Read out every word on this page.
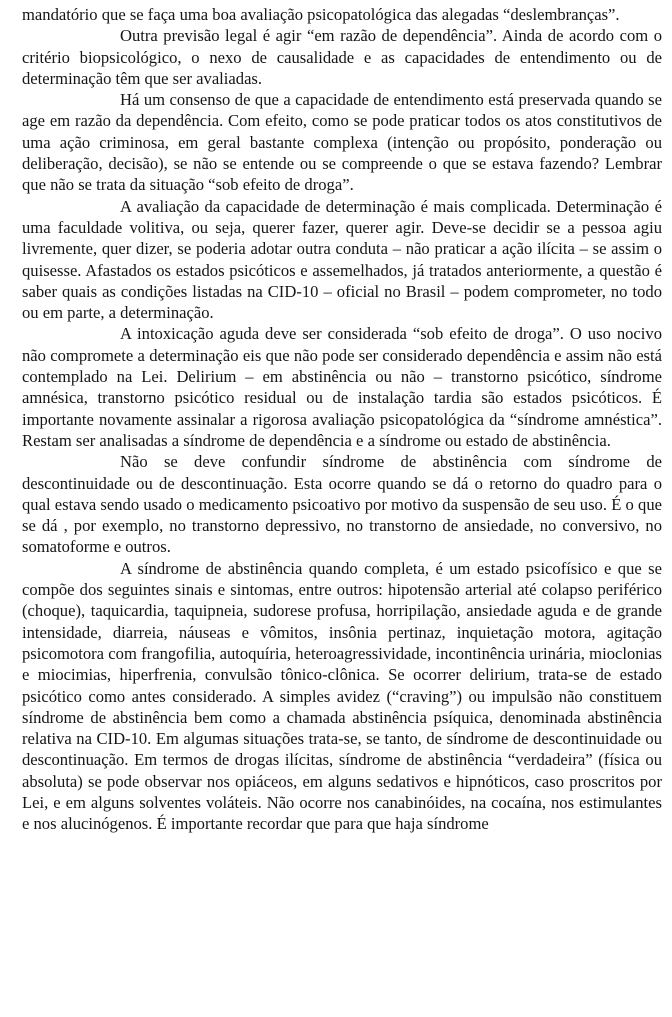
mandatório que se faça uma boa avaliação psicopatológica das alegadas “deslembranças”.

Outra previsão legal é agir “em razão de dependência”. Ainda de acordo com o critério biopsicológico, o nexo de causalidade e as capacidades de entendimento ou de determinação têm que ser avaliadas.

Há um consenso de que a capacidade de entendimento está preservada quando se age em razão da dependência. Com efeito, como se pode praticar todos os atos constitutivos de uma ação criminosa, em geral bastante complexa (intenção ou propósito, ponderação ou deliberação, decisão), se não se entende ou se compreende o que se estava fazendo? Lembrar que não se trata da situação “sob efeito de droga”.

A avaliação da capacidade de determinação é mais complicada. Determinação é uma faculdade volitiva, ou seja, querer fazer, querer agir. Deve-se decidir se a pessoa agiu livremente, quer dizer, se poderia adotar outra conduta – não praticar a ação ilícita – se assim o quisesse. Afastados os estados psicóticos e assemelhados, já tratados anteriormente, a questão é saber quais as condições listadas na CID-10 – oficial no Brasil – podem comprometer, no todo ou em parte, a determinação.

A intoxicação aguda deve ser considerada “sob efeito de droga”. O uso nocivo não compromete a determinação eis que não pode ser considerado dependência e assim não está contemplado na Lei. Delirium – em abstinência ou não – transtorno psicótico, síndrome amnésica, transtorno psicótico residual ou de instalação tardia são estados psicóticos. É importante novamente assinalar a rigorosa avaliação psicopatológica da “síndrome amnéstica”. Restam ser analisadas a síndrome de dependência e a síndrome ou estado de abstinência.

Não se deve confundir síndrome de abstinência com síndrome de descontinuidade ou de descontinuação. Esta ocorre quando se dá o retorno do quadro para o qual estava sendo usado o medicamento psicoativo por motivo da suspensão de seu uso. É o que se dá , por exemplo, no transtorno depressivo, no transtorno de ansiedade, no conversivo, no somatoforme e outros.

A síndrome de abstinência quando completa, é um estado psicofísico e que se compõe dos seguintes sinais e sintomas, entre outros: hipotensão arterial até colapso periférico (choque), taquicardia, taquipneia, sudorese profusa, horripilação, ansiedade aguda e de grande intensidade, diarreia, náuseas e vômitos, insônia pertinaz, inquietação motora, agitação psicomotora com frangofilia, autoquíria, heteroagressividade, incontinência urinária, mioclonias e miocimias, hiperfrenia, convulsão tônico-clônica. Se ocorrer delirium, trata-se de estado psicótico como antes considerado. A simples avidez (“craving”) ou impulsão não constituem síndrome de abstinência bem como a chamada abstinência psíquica, denominada abstinência relativa na CID-10. Em algumas situações trata-se, se tanto, de síndrome de descontinuidade ou descontinuação. Em termos de drogas ilícitas, síndrome de abstinência “verdadeira” (física ou absoluta) se pode observar nos opiáceos, em alguns sedativos e hipnóticos, caso proscritos por Lei, e em alguns solventes voláteis. Não ocorre nos canabinóides, na cocaína, nos estimulantes e nos alucinógenos. É importante recordar que para que haja síndrome
